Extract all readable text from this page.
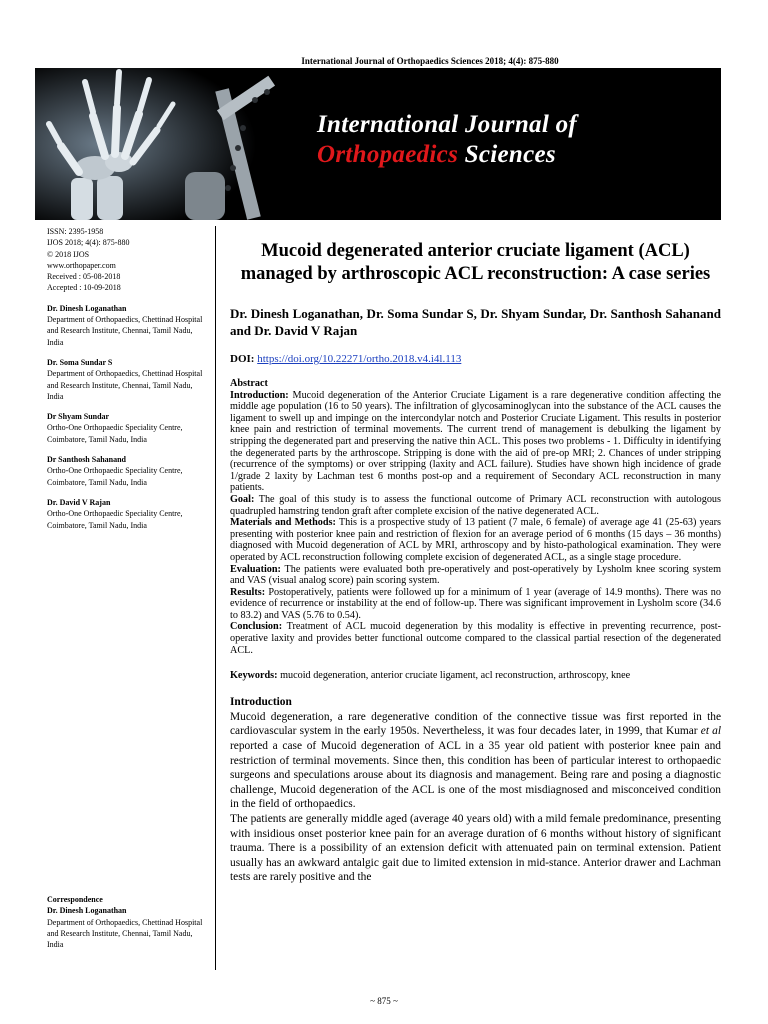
International Journal of Orthopaedics Sciences 2018; 4(4): 875-880
International Journal of
Orthopaedics Sciences
ISSN: 2395-1958
IJOS 2018; 4(4): 875-880
© 2018 IJOS
www.orthopaper.com
Received : 05-08-2018
Accepted : 10-09-2018
Dr. Dinesh Loganathan
Department of Orthopaedics, Chettinad Hospital and Research Institute, Chennai, Tamil Nadu, India
Dr. Soma Sundar S
Department of Orthopaedics, Chettinad Hospital and Research Institute, Chennai, Tamil Nadu, India
Dr Shyam Sundar
Ortho-One Orthopaedic Speciality Centre, Coimbatore, Tamil Nadu, India
Dr Santhosh Sahanand
Ortho-One Orthopaedic Speciality Centre, Coimbatore, Tamil Nadu, India
Dr. David V Rajan
Ortho-One Orthopaedic Speciality Centre, Coimbatore, Tamil Nadu, India
Correspondence
Dr. Dinesh Loganathan
Department of Orthopaedics, Chettinad Hospital and Research Institute, Chennai, Tamil Nadu, India
Mucoid degenerated anterior cruciate ligament (ACL) managed by arthroscopic ACL reconstruction: A case series
Dr. Dinesh Loganathan, Dr. Soma Sundar S, Dr. Shyam Sundar, Dr. Santhosh Sahanand and Dr. David V Rajan
DOI: https://doi.org/10.22271/ortho.2018.v4.i4l.113
Abstract

Introduction: Mucoid degeneration of the Anterior Cruciate Ligament is a rare degenerative condition affecting the middle age population (16 to 50 years). The infiltration of glycosaminoglycan into the substance of the ACL causes the ligament to swell up and impinge on the intercondylar notch and Posterior Cruciate Ligament. This results in posterior knee pain and restriction of terminal movements. The current trend of management is debulking the ligament by stripping the degenerated part and preserving the native thin ACL. This poses two problems - 1. Difficulty in identifying the degenerated parts by the arthroscope. Stripping is done with the aid of pre-op MRI; 2. Chances of under stripping (recurrence of the symptoms) or over stripping (laxity and ACL failure). Studies have shown high incidence of grade 1/grade 2 laxity by Lachman test 6 months post-op and a requirement of Secondary ACL reconstruction in many patients.

Goal: The goal of this study is to assess the functional outcome of Primary ACL reconstruction with autologous quadrupled hamstring tendon graft after complete excision of the native degenerated ACL.

Materials and Methods: This is a prospective study of 13 patient (7 male, 6 female) of average age 41 (25-63) years presenting with posterior knee pain and restriction of flexion for an average period of 6 months (15 days – 36 months) diagnosed with Mucoid degeneration of ACL by MRI, arthroscopy and by histo-pathological examination. They were operated by ACL reconstruction following complete excision of degenerated ACL, as a single stage procedure.

Evaluation: The patients were evaluated both pre-operatively and post-operatively by Lysholm knee scoring system and VAS (visual analog score) pain scoring system.

Results: Postoperatively, patients were followed up for a minimum of 1 year (average of 14.9 months). There was no evidence of recurrence or instability at the end of follow-up. There was significant improvement in Lysholm score (34.6 to 83.2) and VAS (5.76 to 0.54).

Conclusion: Treatment of ACL mucoid degeneration by this modality is effective in preventing recurrence, post-operative laxity and provides better functional outcome compared to the classical partial resection of the degenerated ACL.

Keywords: mucoid degeneration, anterior cruciate ligament, acl reconstruction, arthroscopy, knee
Introduction

Mucoid degeneration, a rare degenerative condition of the connective tissue was first reported in the cardiovascular system in the early 1950s. Nevertheless, it was four decades later, in 1999, that Kumar et al reported a case of Mucoid degeneration of ACL in a 35 year old patient with posterior knee pain and restriction of terminal movements. Since then, this condition has been of particular interest to orthopaedic surgeons and speculations arouse about its diagnosis and management. Being rare and posing a diagnostic challenge, Mucoid degeneration of the ACL is one of the most misdiagnosed and misconceived condition in the field of orthopaedics.

The patients are generally middle aged (average 40 years old) with a mild female predominance, presenting with insidious onset posterior knee pain for an average duration of 6 months without history of significant trauma. There is a possibility of an extension deficit with attenuated pain on terminal extension. Patient usually has an awkward antalgic gait due to limited extension in mid-stance. Anterior drawer and Lachman tests are rarely positive and the

~ 875 ~
